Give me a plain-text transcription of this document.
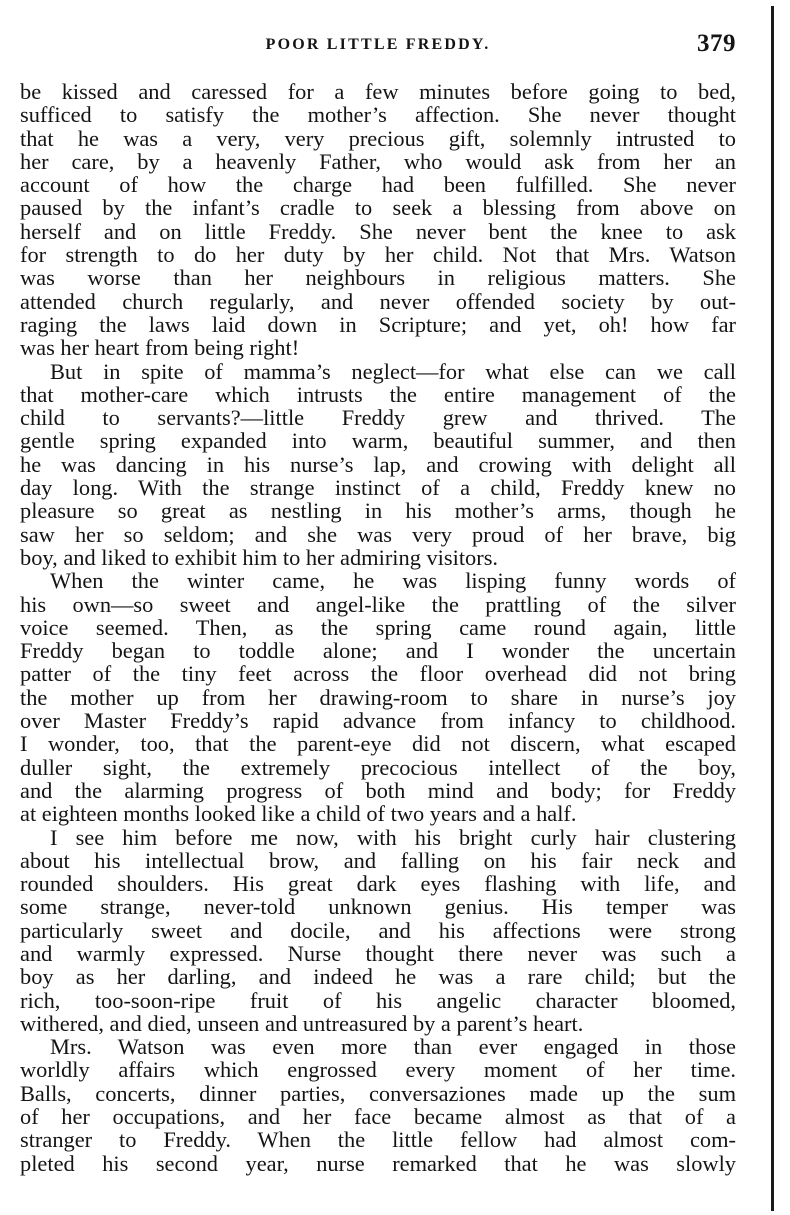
POOR LITTLE FREDDY.	379
be kissed and caressed for a few minutes before going to bed,
sufficed to satisfy the mother’s affection. She never thought
that he was a very, very precious gift, solemnly intrusted to
her care, by a heavenly Father, who would ask from her an
account of how the charge had been fulfilled. She never
paused by the infant’s cradle to seek a blessing from above on
herself and on little Freddy. She never bent the knee to ask
for strength to do her duty by her child. Not that Mrs. Watson
was worse than her neighbours in religious matters. She
attended church regularly, and never offended society by out-
raging the laws laid down in Scripture; and yet, oh! how far
was her heart from being right!
But in spite of mamma’s neglect—for what else can we call
that mother-care which intrusts the entire management of the
child to servants?—little Freddy grew and thrived. The
gentle spring expanded into warm, beautiful summer, and then
he was dancing in his nurse’s lap, and crowing with delight all
day long. With the strange instinct of a child, Freddy knew no
pleasure so great as nestling in his mother’s arms, though he
saw her so seldom; and she was very proud of her brave, big
boy, and liked to exhibit him to her admiring visitors.
When the winter came, he was lisping funny words of
his own—so sweet and angel-like the prattling of the silver
voice seemed. Then, as the spring came round again, little
Freddy began to toddle alone; and I wonder the uncertain
patter of the tiny feet across the floor overhead did not bring
the mother up from her drawing-room to share in nurse’s joy
over Master Freddy’s rapid advance from infancy to childhood.
I wonder, too, that the parent-eye did not discern, what escaped
duller sight, the extremely precocious intellect of the boy,
and the alarming progress of both mind and body; for Freddy
at eighteen months looked like a child of two years and a half.
I see him before me now, with his bright curly hair clustering
about his intellectual brow, and falling on his fair neck and
rounded shoulders. His great dark eyes flashing with life, and
some strange, never-told unknown genius. His temper was
particularly sweet and docile, and his affections were strong
and warmly expressed. Nurse thought there never was such a
boy as her darling, and indeed he was a rare child; but the
rich, too-soon-ripe fruit of his angelic character bloomed,
withered, and died, unseen and untreasured by a parent’s heart.
Mrs. Watson was even more than ever engaged in those
worldly affairs which engrossed every moment of her time.
Balls, concerts, dinner parties, conversaziones made up the sum
of her occupations, and her face became almost as that of a
stranger to Freddy. When the little fellow had almost com-
pleted his second year, nurse remarked that he was slowly
